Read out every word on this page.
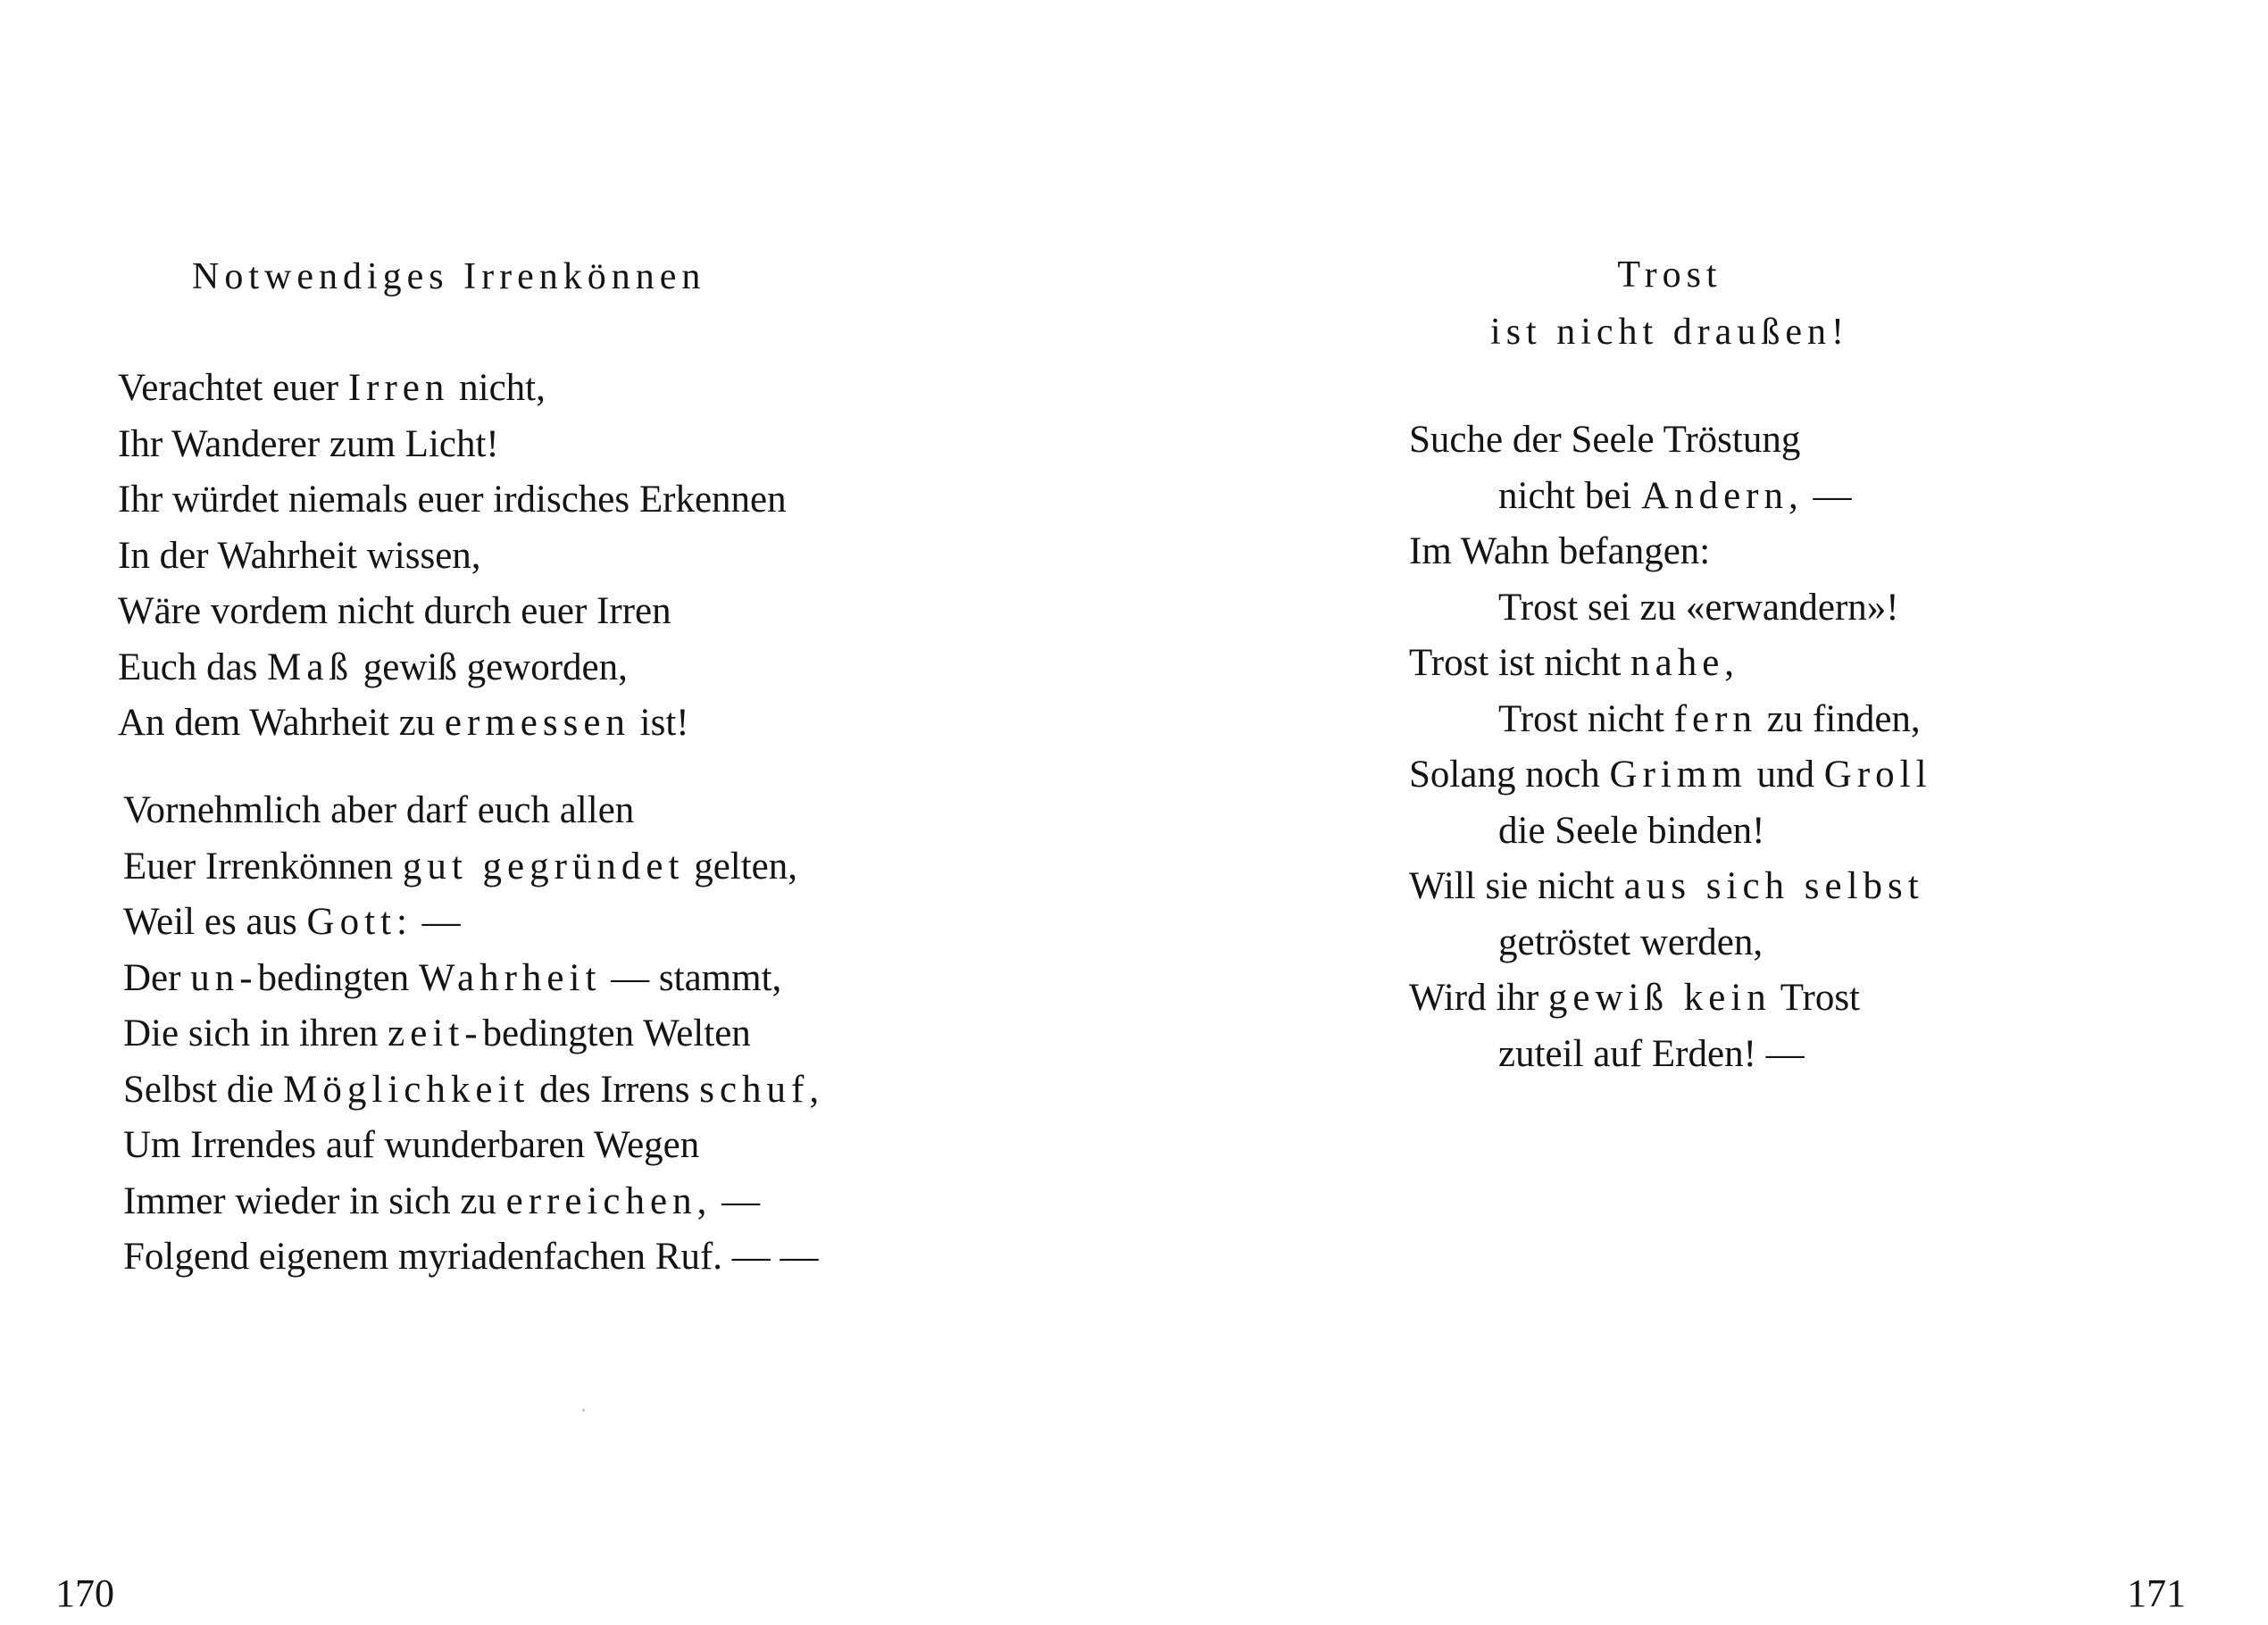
Notwendiges Irrenkönnen
Verachtet euer Irren nicht,
Ihr Wanderer zum Licht!
Ihr würdet niemals euer irdisches Erkennen
In der Wahrheit wissen,
Wäre vordem nicht durch euer Irren
Euch das Maß gewiß geworden,
An dem Wahrheit zu ermessen ist!
Vornehmlich aber darf euch allen
Euer Irrenkönnen gut gegründet gelten,
Weil es aus Gott: —
Der un-bedingten Wahrheit — stammt,
Die sich in ihren zeit-bedingten Welten
Selbst die Möglichkeit des Irrens schuf,
Um Irrendes auf wunderbaren Wegen
Immer wieder in sich zu erreichen, —
Folgend eigenem myriadenfachen Ruf. — —
170
Trost
ist nicht draußen!
Suche der Seele Tröstung
nicht bei Andern, —
Im Wahn befangen:
Trost sei zu «erwandern»!
Trost ist nicht nahe,
Trost nicht fern zu finden,
Solang noch Grimm und Groll
die Seele binden!
Will sie nicht aus sich selbst
getröstet werden,
Wird ihr gewiß kein Trost
zuteil auf Erden! —
171
